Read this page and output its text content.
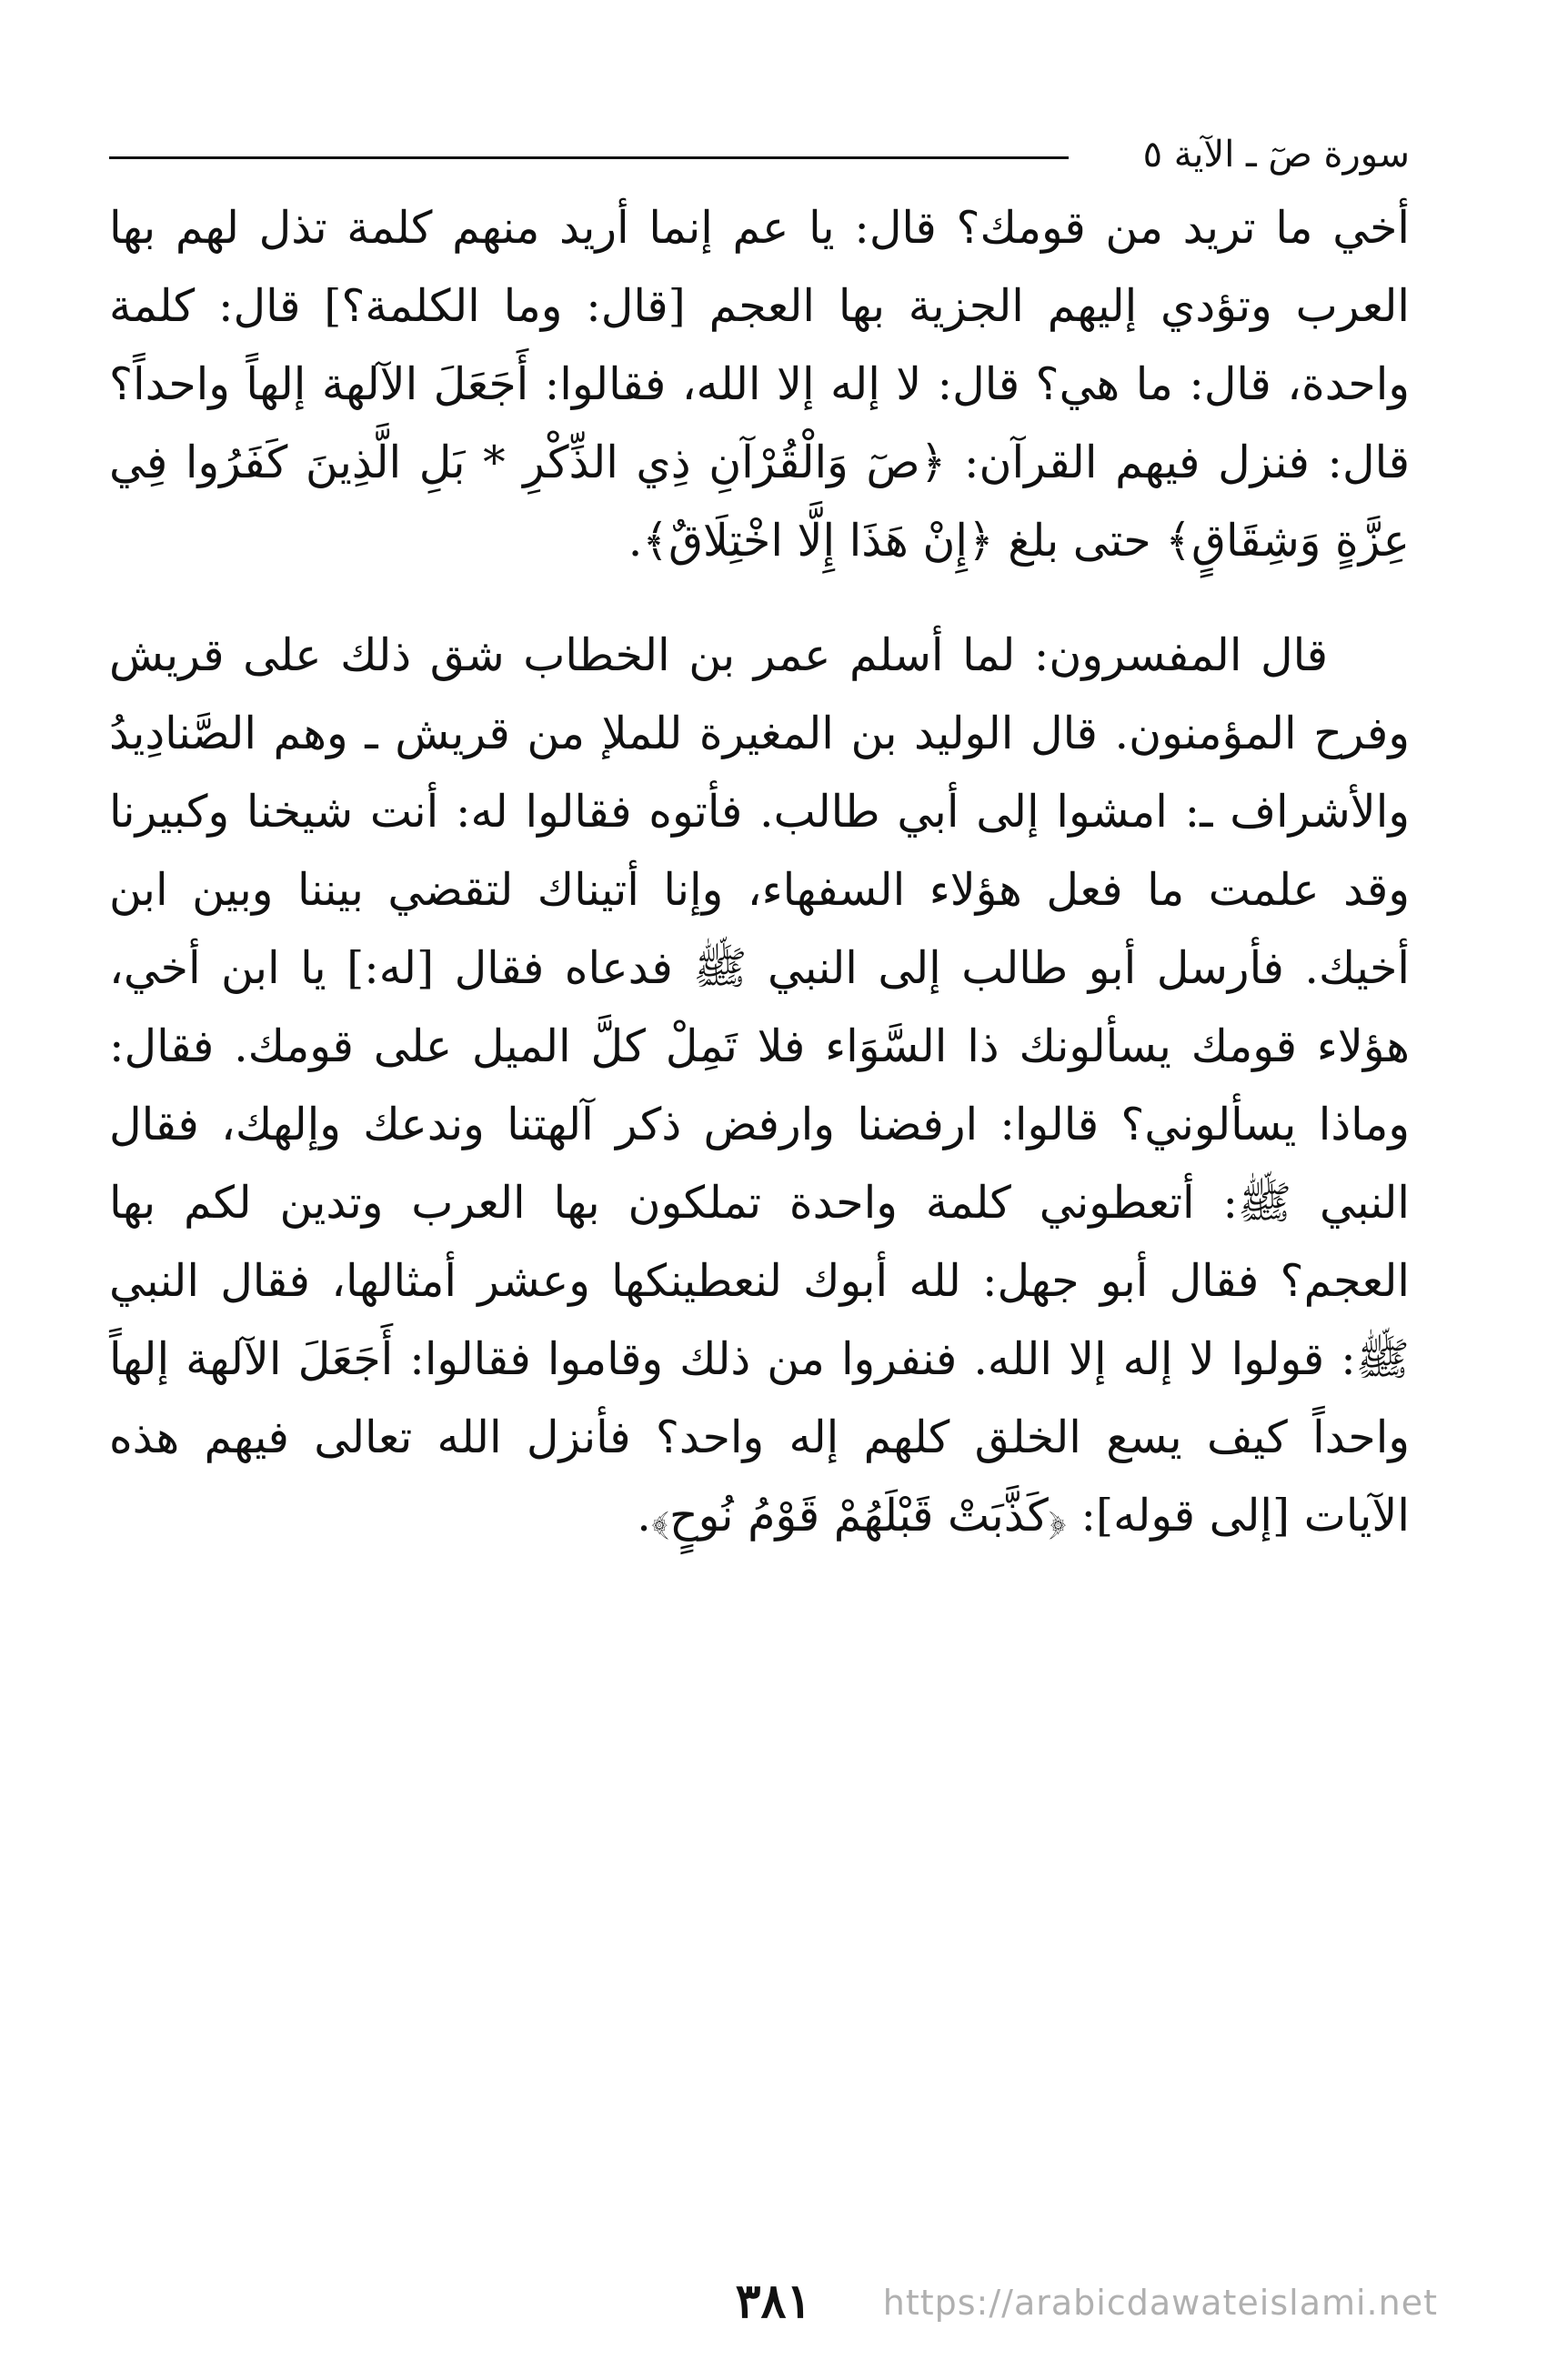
سورة صٓ ـ الآية ٥

أخي ما تريد من قومك؟ قال: يا عم إنما أريد منهم كلمة تذل لهم بها العرب وتؤدي إليهم الجزية بها العجم [قال: وما الكلمة؟] قال: كلمة واحدة، قال: ما هي؟ قال: لا إله إلا الله، فقالوا: أَجَعَلَ الآلهة إلهاً واحداً؟ قال: فنزل فيهم القرآن: ﴿صٓ وَالْقُرْآنِ ذِي الذِّكْرِ * بَلِ الَّذِينَ كَفَرُوا فِي عِزَّةٍ وَشِقَاقٍ﴾ حتى بلغ ﴿إِنْ هَذَا إِلَّا اخْتِلَاقٌ﴾.

قال المفسرون: لما أسلم عمر بن الخطاب شق ذلك على قريش وفرح المؤمنون. قال الوليد بن المغيرة للملإ من قريش ـ وهم الصَّنادِيدُ والأشراف ـ: امشوا إلى أبي طالب. فأتوه فقالوا له: أنت شيخنا وكبيرنا وقد علمت ما فعل هؤلاء السفهاء، وإنا أتيناك لتقضي بيننا وبين ابن أخيك. فأرسل أبو طالب إلى النبي ﷺ فدعاه فقال [له:] يا ابن أخي، هؤلاء قومك يسألونك ذا السَّوَاء فلا تَمِلْ كلَّ الميل على قومك. فقال: وماذا يسألوني؟ قالوا: ارفضنا وارفض ذكر آلهتنا وندعك وإلهك، فقال النبي ﷺ: أتعطوني كلمة واحدة تملكون بها العرب وتدين لكم بها العجم؟ فقال أبو جهل: لله أبوك لنعطينكها وعشر أمثالها، فقال النبي ﷺ: قولوا لا إله إلا الله. فنفروا من ذلك وقاموا فقالوا: أَجَعَلَ الآلهة إلهاً واحداً كيف يسع الخلق كلهم إله واحد؟ فأنزل الله تعالى فيهم هذه الآيات [إلى قوله]: ﴿كَذَّبَتْ قَبْلَهُمْ قَوْمُ نُوحٍ﴾.

٣٨١	https://arabicdawateislami.net
